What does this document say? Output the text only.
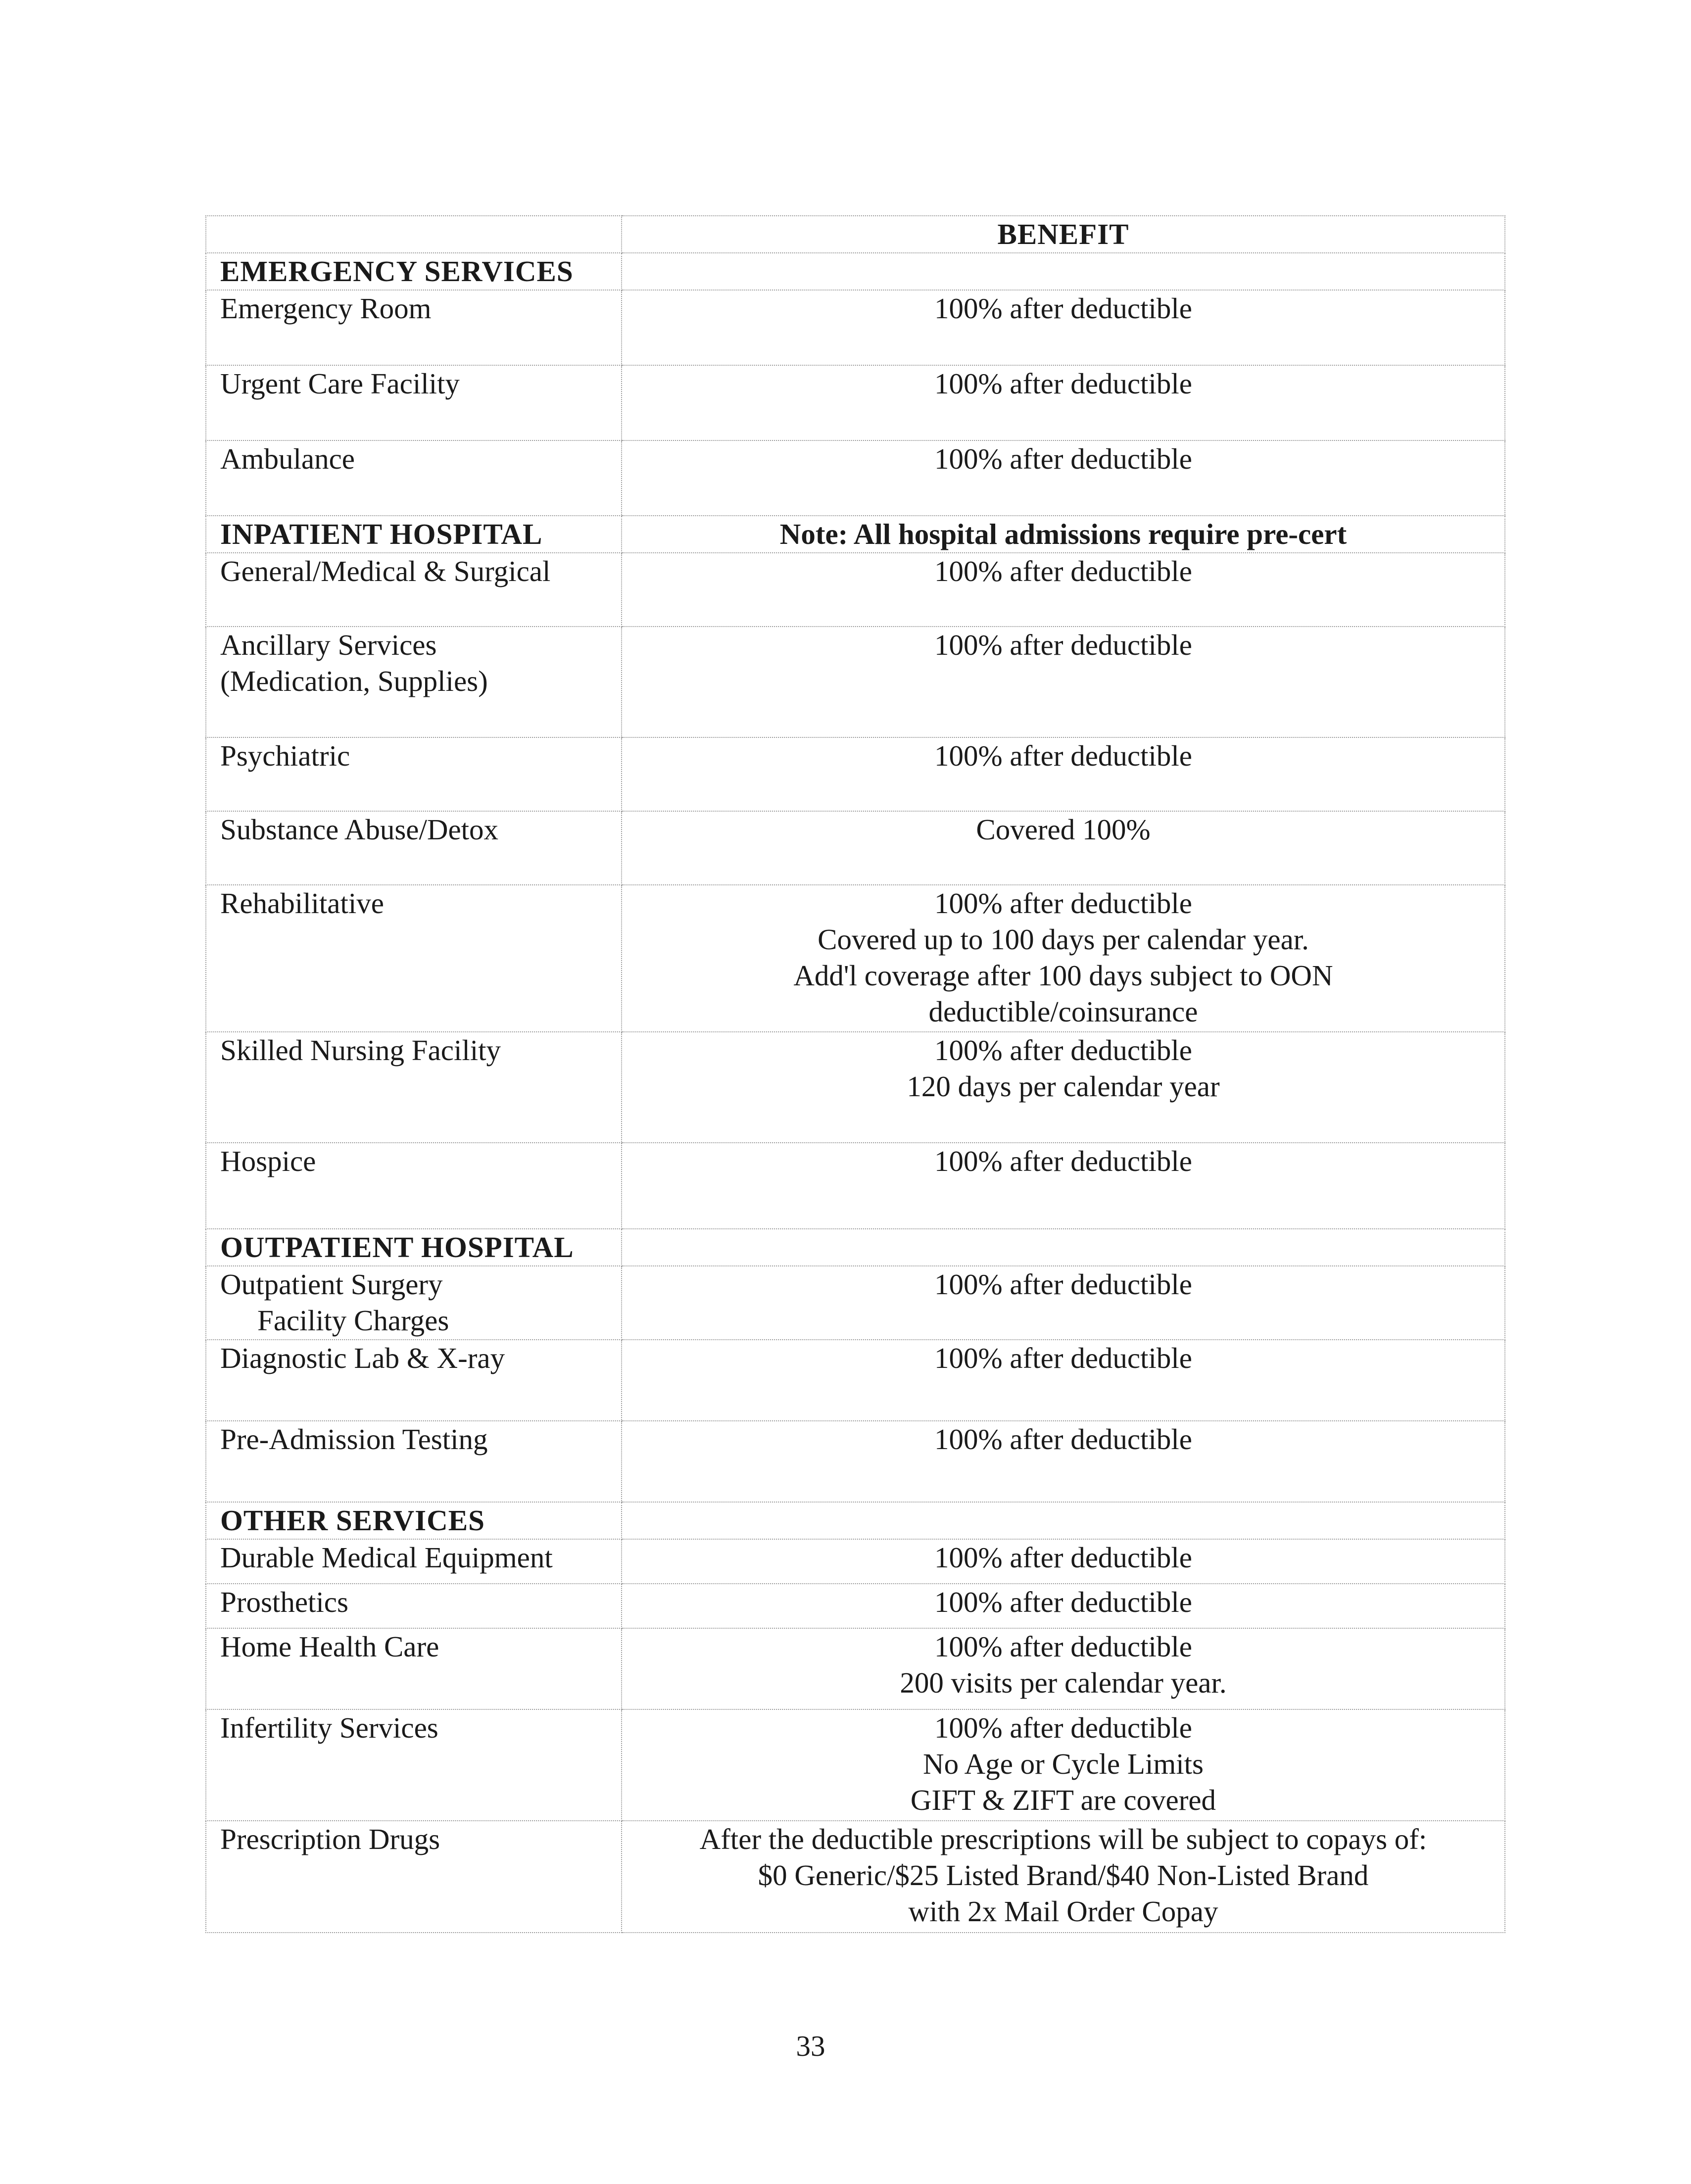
	BENEFIT
EMERGENCY SERVICES	

Emergency Room	100% after deductible

Urgent Care Facility	100% after deductible

Ambulance	100% after deductible

INPATIENT HOSPITAL	Note: All hospital admissions require pre-cert

General/Medical & Surgical	100% after deductible

Ancillary Services
(Medication, Supplies)	100% after deductible

Psychiatric	100% after deductible

Substance Abuse/Detox	Covered 100%

Rehabilitative	100% after deductible
Covered up to 100 days per calendar year.
Add'l coverage after 100 days subject to OON
deductible/coinsurance

Skilled Nursing Facility	100% after deductible
120 days per calendar year

Hospice	100% after deductible

OUTPATIENT HOSPITAL	

Outpatient Surgery
Facility Charges	100% after deductible

Diagnostic Lab & X-ray	100% after deductible

Pre-Admission Testing	100% after deductible

OTHER SERVICES	

Durable Medical Equipment	100% after deductible

Prosthetics	100% after deductible

Home Health Care	100% after deductible
200 visits per calendar year.

Infertility Services	100% after deductible
No Age or Cycle Limits
GIFT & ZIFT are covered

Prescription Drugs	After the deductible prescriptions will be subject to copays of:
$0 Generic/$25 Listed Brand/$40 Non-Listed Brand
with 2x Mail Order Copay
33
